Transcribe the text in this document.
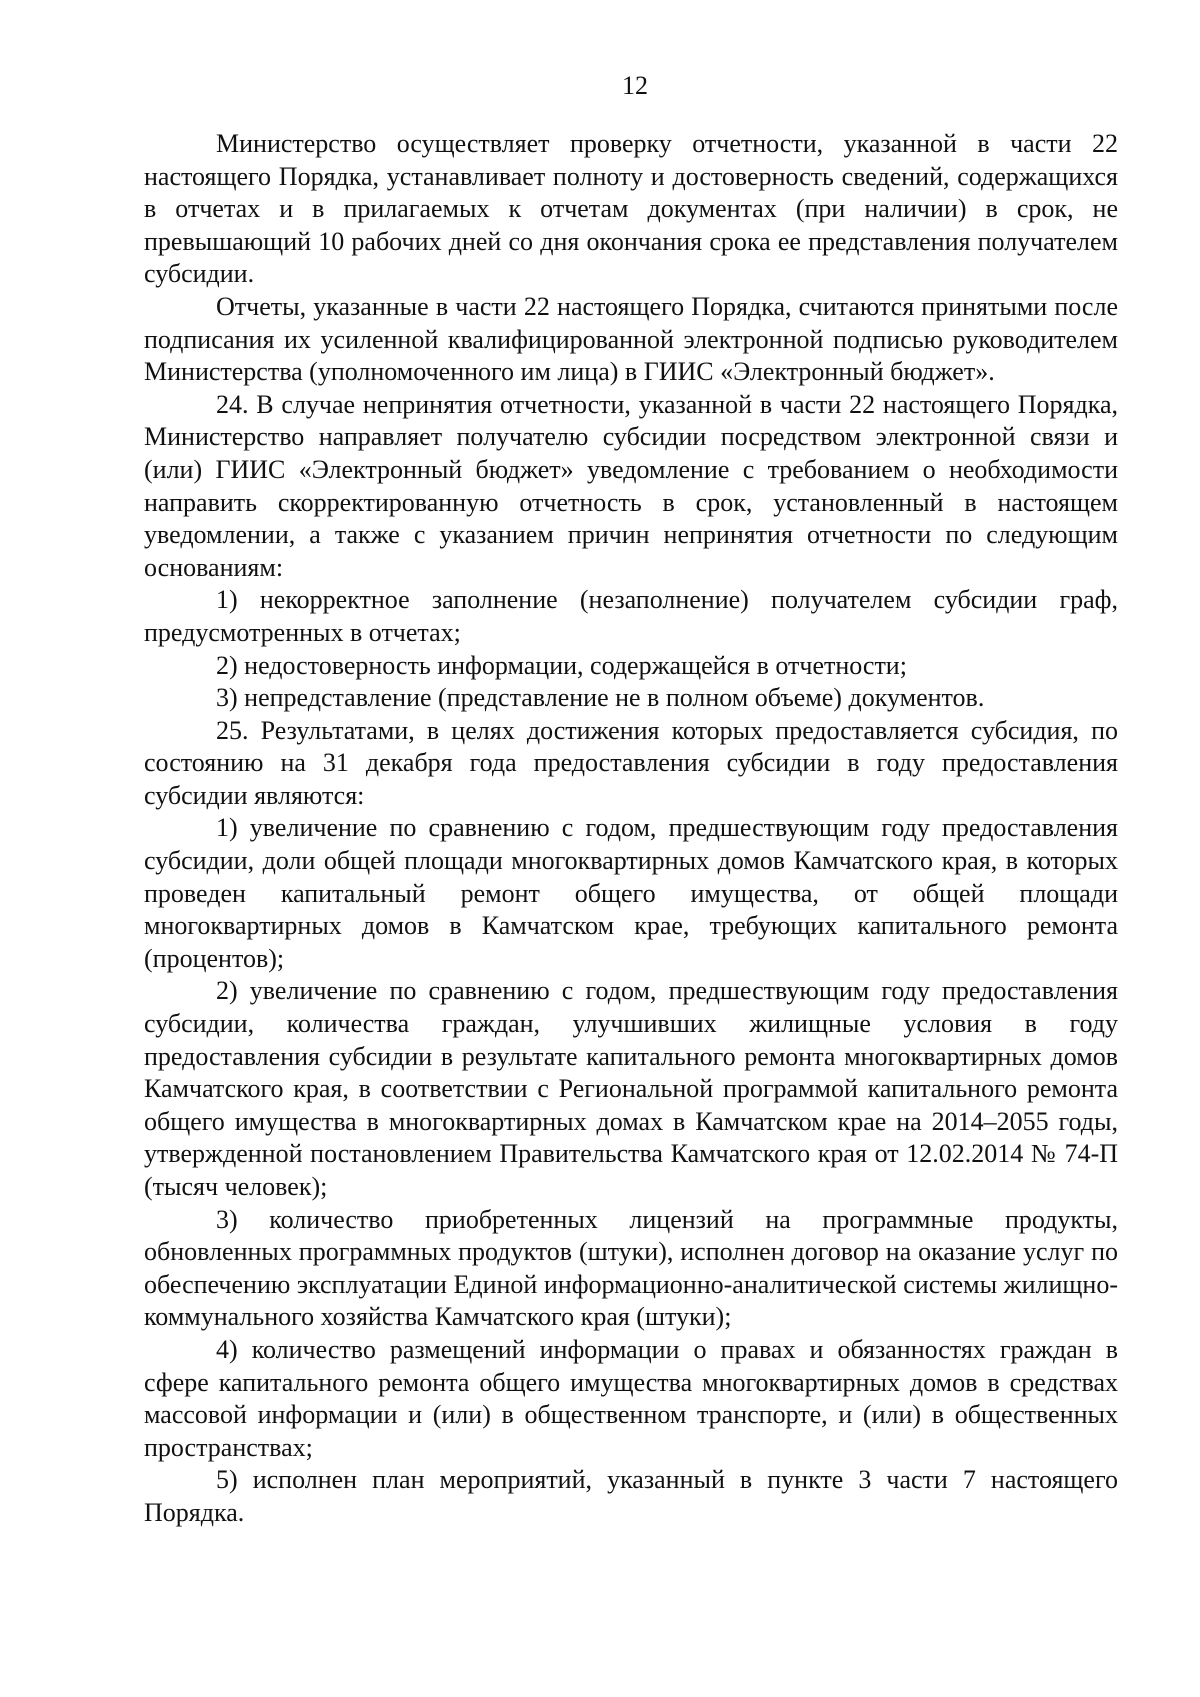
12

Министерство осуществляет проверку отчетности, указанной в части 22 настоящего Порядка, устанавливает полноту и достоверность сведений, содержащихся в отчетах и в прилагаемых к отчетам документах (при наличии) в срок, не превышающий 10 рабочих дней со дня окончания срока ее представления получателем субсидии.

Отчеты, указанные в части 22 настоящего Порядка, считаются принятыми после подписания их усиленной квалифицированной электронной подписью руководителем Министерства (уполномоченного им лица) в ГИИС «Электронный бюджет».

24. В случае непринятия отчетности, указанной в части 22 настоящего Порядка, Министерство направляет получателю субсидии посредством электронной связи и (или) ГИИС «Электронный бюджет» уведомление с требованием о необходимости направить скорректированную отчетность в срок, установленный в настоящем уведомлении, а также с указанием причин непринятия отчетности по следующим основаниям:

1) некорректное заполнение (незаполнение) получателем субсидии граф, предусмотренных в отчетах;

2) недостоверность информации, содержащейся в отчетности;

3) непредставление (представление не в полном объеме) документов.

25. Результатами, в целях достижения которых предоставляется субсидия, по состоянию на 31 декабря года предоставления субсидии в году предоставления субсидии являются:

1) увеличение по сравнению с годом, предшествующим году предоставления субсидии, доли общей площади многоквартирных домов Камчатского края, в которых проведен капитальный ремонт общего имущества, от общей площади многоквартирных домов в Камчатском крае, требующих капитального ремонта (процентов);

2) увеличение по сравнению с годом, предшествующим году предоставления субсидии, количества граждан, улучшивших жилищные условия в году предоставления субсидии в результате капитального ремонта многоквартирных домов Камчатского края, в соответствии с Региональной программой капитального ремонта общего имущества в многоквартирных домах в Камчатском крае на 2014–2055 годы, утвержденной постановлением Правительства Камчатского края от 12.02.2014 № 74-П (тысяч человек);

3) количество приобретенных лицензий на программные продукты, обновленных программных продуктов (штуки), исполнен договор на оказание услуг по обеспечению эксплуатации Единой информационно-аналитической системы жилищно-коммунального хозяйства Камчатского края (штуки);

4) количество размещений информации о правах и обязанностях граждан в сфере капитального ремонта общего имущества многоквартирных домов в средствах массовой информации и (или) в общественном транспорте, и (или) в общественных пространствах;

5) исполнен план мероприятий, указанный в пункте 3 части 7 настоящего Порядка.
